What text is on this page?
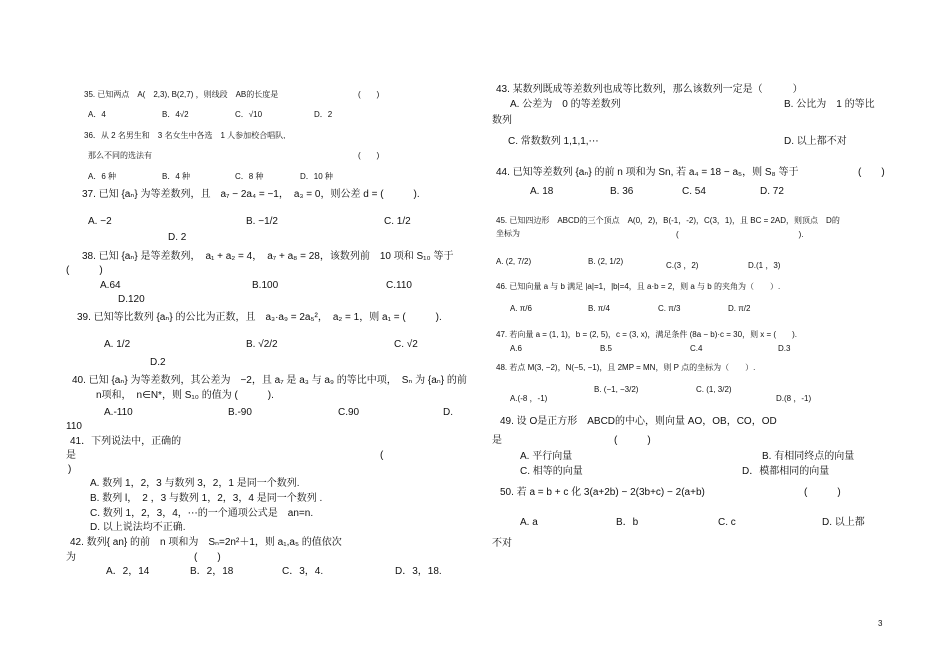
35. 已知两点　A(　2,3), B(2,7) ，则线段　AB的长度是	(　　)
A．4	B．4√2	C．√10	D．2
36．从 2 名男生和　3 名女生中各选　1 人参加校合唱队,
那么不同的选法有	(　　)
A．6 种	B．4 种	C．8 种	D．10 种
37. 已知 {aₙ} 为等差数列，且　a₇ − 2a₄ = −1，　a₃ = 0，则公差 d = (　　　).
A. −2	B. −1/2	C. 1/2
D. 2
38. 已知 {aₙ} 是等差数列，　a₁ + a₂ = 4，　a₇ + a₈ = 28，该数列前　10 项和 S₁₀ 等于
(　　　)
A.64	B.100	C.110
D.120
39. 已知等比数列 {aₙ} 的公比为正数，且　a₃·a₉ = 2a₅²，　a₂ = 1，则 a₁ = (　　　).
A. 1/2	B. √2/2	C. √2
D.2
40. 已知 {aₙ} 为等差数列，其公差为　−2，且 a₇ 是 a₃ 与 a₉ 的等比中项，　Sₙ 为 {aₙ} 的前
n项和，　n∈N*，则 S₁₀ 的值为 (　　　).
A.-110	B.-90	C.90	D.
110
41．下列说法中，正确的
是	(
)
A. 数列 1，2，3 与数列 3，2，1 是同一个数列.
B. 数列 l，　2 ，3 与数列 1，2，3，4 是同一个数列 .
C. 数列 1，2，3，4，⋯的一个通项公式是　an=n.
D. 以上说法均不正确.
42. 数列{ an} 的前　n 项和为　Sₙ=2n²＋1，则 a₁,a₅ 的值依次
为	(　　)
A．2，14	B．2，18	C．3，4.	D．3，18.
43. 某数列既成等差数列也成等比数列，那么该数列一定是（　　　）
A. 公差为　0 的等差数列	B. 公比为　1 的等比
数列
C. 常数数列 1,1,1,⋯	D. 以上都不对
44. 已知等差数列 {aₙ} 的前 n 项和为 Sn, 若 a₄ = 18 − a₅，则 S₈ 等于	(　　)
A. 18	B. 36	C. 54	D. 72
45. 已知四边形　ABCD的三个顶点　A(0，2)，B(-1，-2)，C(3，1)，且 BC = 2AD，则顶点　D的
坐标为	(　　　　　　　　　　　　　　　).
A. (2, 7/2)	B. (2, 1/2)	C.(3 ，2)	D.(1 ，3)
46. 已知向量 a 与 b 满足 |a|=1，|b|=4，且 a·b = 2，则 a 与 b 的夹角为（　　）.
A. π/6	B. π/4	C. π/3	D. π/2
47. 若向量 a = (1, 1)，b = (2, 5)，c = (3, x)，满足条件 (8a − b)·c = 30，则 x = (　　).
A.6	B.5	C.4	D.3
48. 若点 M(3, −2)，N(−5, −1)，且 2MP = MN，则 P 点的坐标为（　　）.
A.(-8 ，-1)
B. (−1, −3/2)	C. (1, 3/2)
D.(8 ，-1)
49. 设 O是正方形　ABCD的中心，则向量 AO，OB，CO，OD
是	(　　　)
A. 平行向量	B. 有相同终点的向量
C. 相等的向量	D．模都相同的向量
50. 若 a = b + c 化 3(a+2b) − 2(3b+c) − 2(a+b)	(　　　)
A. a	B．b	C. c	D. 以上都
不对
3
